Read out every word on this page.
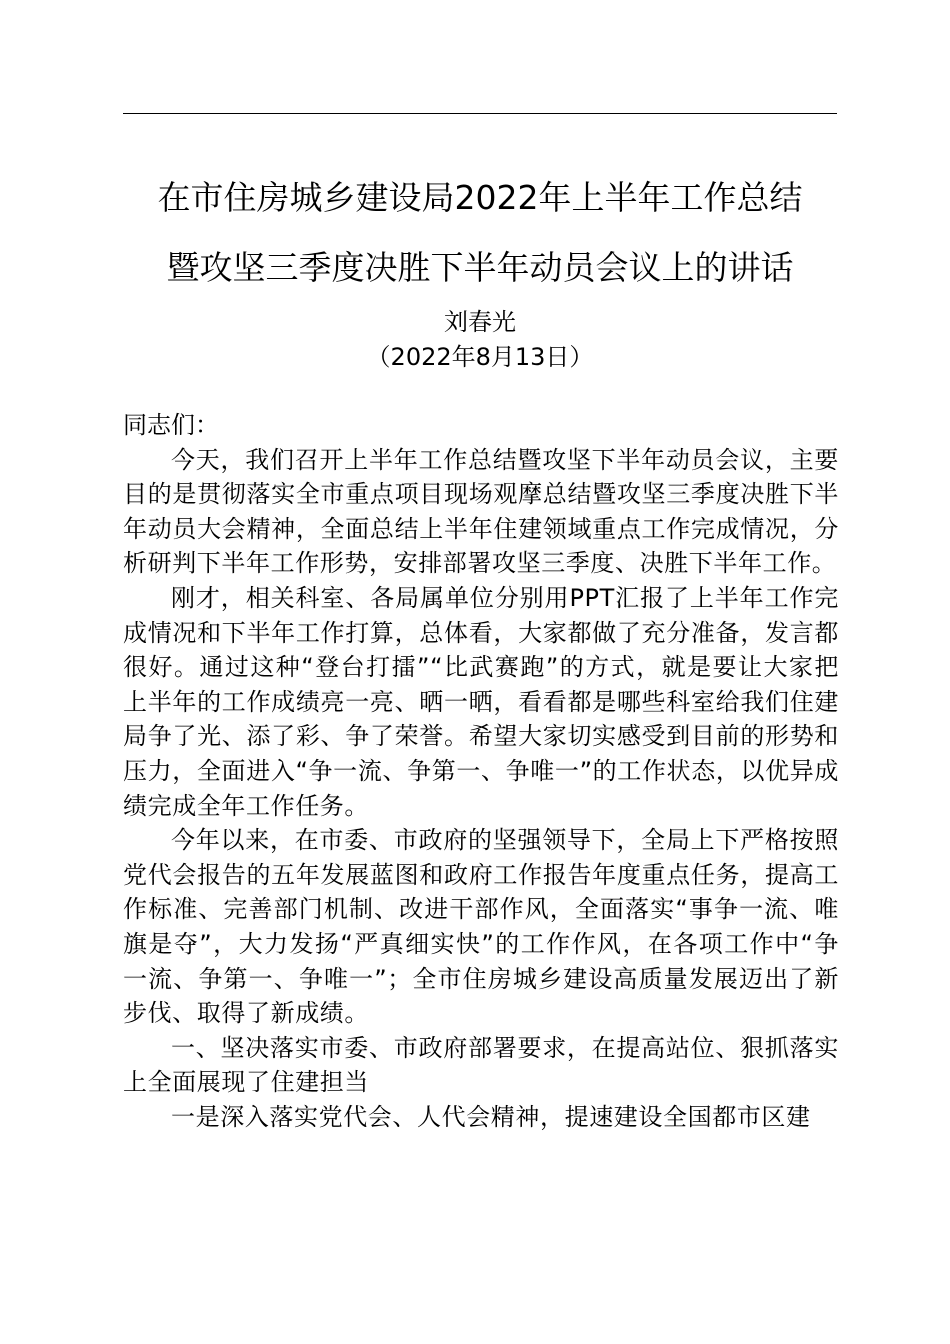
在市住房城乡建设局2022年上半年工作总结
暨攻坚三季度决胜下半年动员会议上的讲话
刘春光
（2022年8月13日）

同志们：

今天，我们召开上半年工作总结暨攻坚下半年动员会议，主要目的是贯彻落实全市重点项目现场观摩总结暨攻坚三季度决胜下半年动员大会精神，全面总结上半年住建领域重点工作完成情况，分析研判下半年工作形势，安排部署攻坚三季度、决胜下半年工作。

刚才，相关科室、各局属单位分别用PPT汇报了上半年工作完成情况和下半年工作打算，总体看，大家都做了充分准备，发言都很好。通过这种“登台打擂”“比武赛跑”的方式，就是要让大家把上半年的工作成绩亮一亮、晒一晒，看看都是哪些科室给我们住建局争了光、添了彩、争了荣誉。希望大家切实感受到目前的形势和压力，全面进入“争一流、争第一、争唯一”的工作状态，以优异成绩完成全年工作任务。

今年以来，在市委、市政府的坚强领导下，全局上下严格按照党代会报告的五年发展蓝图和政府工作报告年度重点任务，提高工作标准、完善部门机制、改进干部作风，全面落实“事争一流、唯旗是夺”，大力发扬“严真细实快”的工作作风，在各项工作中“争一流、争第一、争唯一”；全市住房城乡建设高质量发展迈出了新步伐、取得了新成绩。

一、坚决落实市委、市政府部署要求，在提高站位、狠抓落实上全面展现了住建担当

一是深入落实党代会、人代会精神，提速建设全国都市区建
